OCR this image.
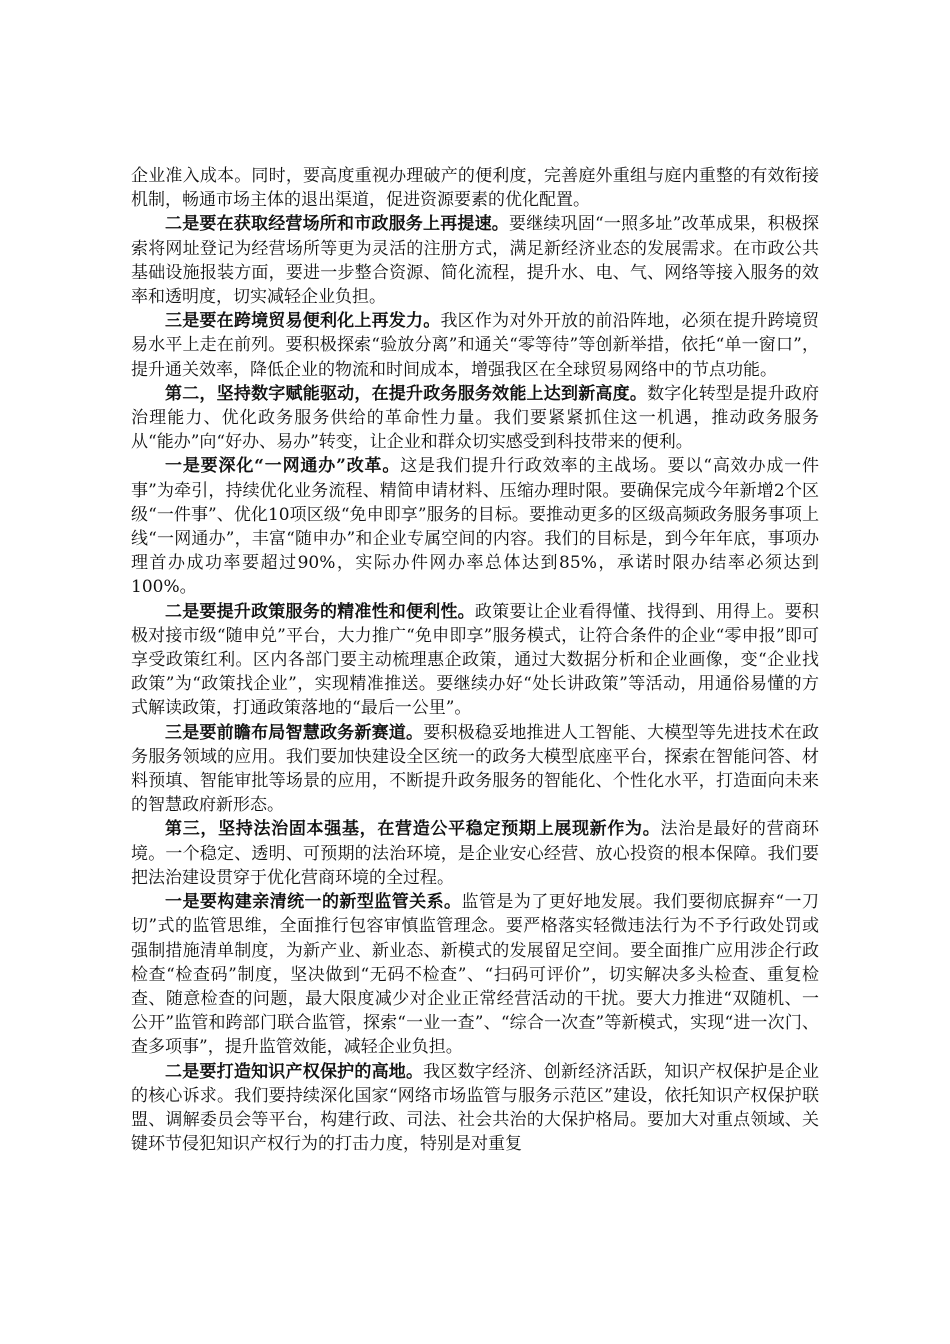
企业准入成本。同时，要高度重视办理破产的便利度，完善庭外重组与庭内重整的有效衔接机制，畅通市场主体的退出渠道，促进资源要素的优化配置。

二是要在获取经营场所和市政服务上再提速。要继续巩固“一照多址”改革成果，积极探索将网址登记为经营场所等更为灵活的注册方式，满足新经济业态的发展需求。在市政公共基础设施报装方面，要进一步整合资源、简化流程，提升水、电、气、网络等接入服务的效率和透明度，切实减轻企业负担。

三是要在跨境贸易便利化上再发力。我区作为对外开放的前沿阵地，必须在提升跨境贸易水平上走在前列。要积极探索“验放分离”和通关“零等待”等创新举措，依托“单一窗口”，提升通关效率，降低企业的物流和时间成本，增强我区在全球贸易网络中的节点功能。

第二，坚持数字赋能驱动，在提升政务服务效能上达到新高度。数字化转型是提升政府治理能力、优化政务服务供给的革命性力量。我们要紧紧抓住这一机遇，推动政务服务从“能办”向“好办、易办”转变，让企业和群众切实感受到科技带来的便利。

一是要深化“一网通办”改革。这是我们提升行政效率的主战场。要以“高效办成一件事”为牵引，持续优化业务流程、精简申请材料、压缩办理时限。要确保完成今年新增2个区级“一件事”、优化10项区级“免申即享”服务的目标。要推动更多的区级高频政务服务事项上线“一网通办”，丰富“随申办”和企业专属空间的内容。我们的目标是，到今年年底，事项办理首办成功率要超过90%，实际办件网办率总体达到85%，承诺时限办结率必须达到100%。

二是要提升政策服务的精准性和便利性。政策要让企业看得懂、找得到、用得上。要积极对接市级“随申兑”平台，大力推广“免申即享”服务模式，让符合条件的企业“零申报”即可享受政策红利。区内各部门要主动梳理惠企政策，通过大数据分析和企业画像，变“企业找政策”为“政策找企业”，实现精准推送。要继续办好“处长讲政策”等活动，用通俗易懂的方式解读政策，打通政策落地的“最后一公里”。

三是要前瞻布局智慧政务新赛道。要积极稳妥地推进人工智能、大模型等先进技术在政务服务领域的应用。我们要加快建设全区统一的政务大模型底座平台，探索在智能问答、材料预填、智能审批等场景的应用，不断提升政务服务的智能化、个性化水平，打造面向未来的智慧政府新形态。

第三，坚持法治固本强基，在营造公平稳定预期上展现新作为。法治是最好的营商环境。一个稳定、透明、可预期的法治环境，是企业安心经营、放心投资的根本保障。我们要把法治建设贯穿于优化营商环境的全过程。

一是要构建亲清统一的新型监管关系。监管是为了更好地发展。我们要彻底摒弃“一刀切”式的监管思维，全面推行包容审慎监管理念。要严格落实轻微违法行为不予行政处罚或强制措施清单制度，为新产业、新业态、新模式的发展留足空间。要全面推广应用涉企行政检查“检查码”制度，坚决做到“无码不检查”、“扫码可评价”，切实解决多头检查、重复检查、随意检查的问题，最大限度减少对企业正常经营活动的干扰。要大力推进“双随机、一公开”监管和跨部门联合监管，探索“一业一查”、“综合一次查”等新模式，实现“进一次门、查多项事”，提升监管效能，减轻企业负担。

二是要打造知识产权保护的高地。我区数字经济、创新经济活跃，知识产权保护是企业的核心诉求。我们要持续深化国家“网络市场监管与服务示范区”建设，依托知识产权保护联盟、调解委员会等平台，构建行政、司法、社会共治的大保护格局。要加大对重点领域、关键环节侵犯知识产权行为的打击力度，特别是对重复
